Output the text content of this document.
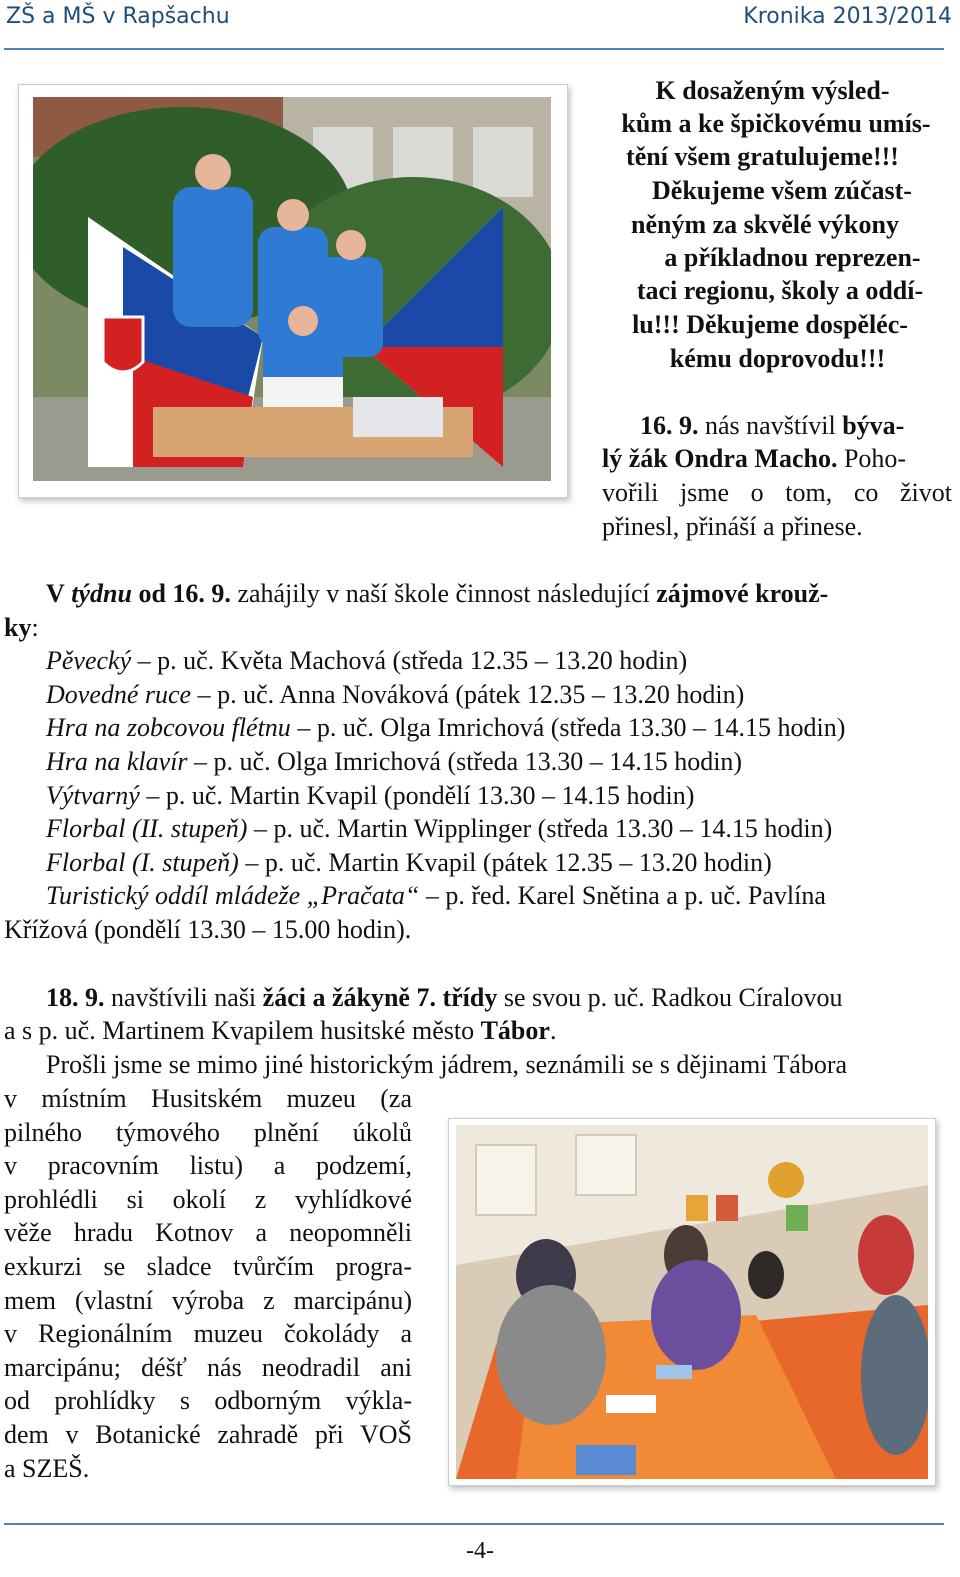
ZŠ a MŠ v Rapšachu	Kronika 2013/2014
K dosaženým výsled-
kům a ke špičkovému umís-
tění všem gratulujeme!!!
Děkujeme všem zúčast-
něným za skvělé výkony
a příkladnou reprezen-
taci regionu, školy a oddí-
lu!!! Děkujeme dospěléc-
kému doprovodu!!!
16. 9. nás navštívil býva-
lý žák Ondra Macho. Poho-
vořili jsme o tom, co život
přinesl, přináší a přinese.
V týdnu od 16. 9. zahájily v naší škole činnost následující zájmové krouž-
ky:
Pěvecký – p. uč. Květa Machová (středa 12.35 – 13.20 hodin)
Dovedné ruce – p. uč. Anna Nováková (pátek 12.35 – 13.20 hodin)
Hra na zobcovou flétnu – p. uč. Olga Imrichová (středa 13.30 – 14.15 hodin)
Hra na klavír – p. uč. Olga Imrichová (středa 13.30 – 14.15 hodin)
Výtvarný – p. uč. Martin Kvapil (pondělí 13.30 – 14.15 hodin)
Florbal (II. stupeň) – p. uč. Martin Wipplinger (středa 13.30 – 14.15 hodin)
Florbal (I. stupeň) – p. uč. Martin Kvapil (pátek 12.35 – 13.20 hodin)
Turistický oddíl mládeže „Pračata“ – p. řed. Karel Snětina a p. uč. Pavlína
Křížová (pondělí 13.30 – 15.00 hodin).
18. 9. navštívili naši žáci a žákyně 7. třídy se svou p. uč. Radkou Círalovou
a s p. uč. Martinem Kvapilem husitské město Tábor.
Prošli jsme se mimo jiné historickým jádrem, seznámili se s dějinami Tábora
v místním Husitském muzeu (za
pilného týmového plnění úkolů
v pracovním listu) a podzemí,
prohlédli si okolí z vyhlídkové
věže hradu Kotnov a neopomněli
exkurzi se sladce tvůrčím progra-
mem (vlastní výroba z marcipánu)
v Regionálním muzeu čokolády a
marcipánu; déšť nás neodradil ani
od prohlídky s odborným výkla-
dem v Botanické zahradě při VOŠ
a SZEŠ.
-4-
